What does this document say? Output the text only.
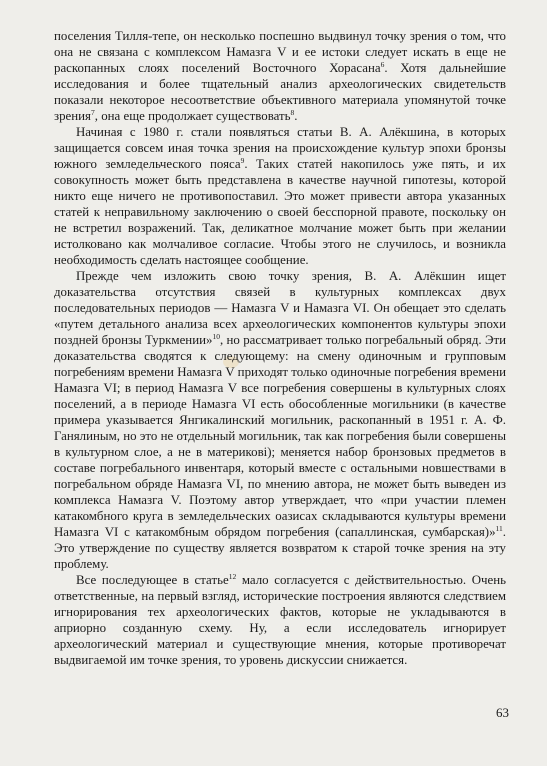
поселения Тилля-тепе, он несколько поспешно выдвинул точку зрения о том, что она не связана с комплексом Намазга V и ее истоки следует искать в еще не раскопанных слоях поселений Восточного Хорасана$^6$. Хотя дальнейшие исследования и более тщательный анализ археологических свидетельств показали некоторое несоответствие объективного материала упомянутой точке зрения$^7$, она еще продолжает существовать$^8$.

Начиная с 1980 г. стали появляться статьи В. А. Алёкшина, в которых защищается совсем иная точка зрения на происхождение культур эпохи бронзы южного земледельческого пояса$^9$. Таких статей накопилось уже пять, и их совокупность может быть представлена в качестве научной гипотезы, которой никто еще ничего не противопоставил. Это может привести автора указанных статей к неправильному заключению о своей бесспорной правоте, поскольку он не встретил возражений. Так, деликатное молчание может быть при желании истолковано как молчаливое согласие. Чтобы этого не случилось, и возникла необходимость сделать настоящее сообщение.

Прежде чем изложить свою точку зрения, В. А. Алёкшин ищет доказательства отсутствия связей в культурных комплексах двух последовательных периодов — Намазга V и Намазга VI. Он обещает это сделать «путем детального анализа всех археологических компонентов культуры эпохи поздней бронзы Туркмении»$^{10}$, но рассматривает только погребальный обряд. Эти доказательства сводятся к следующему: на смену одиночным и групповым погребениям времени Намазга V приходят только одиночные погребения времени Намазга VI; в период Намазга V все погребения совершены в культурных слоях поселений, а в периоде Намазга VI есть обособленные могильники (в качестве примера указывается Янгикалинский могильник, раскопанный в 1951 г. А. Ф. Ганялиным, но это не отдельный могильник, так как погребения были совершены в культурном слое, а не в материкові); меняется набор бронзовых предметов в составе погребального инвентаря, который вместе с остальными новшествами в погребальном обряде Намазга VI, по мнению автора, не может быть выведен из комплекса Намазга V. Поэтому автор утверждает, что «при участии племен катакомбного круга в земледельческих оазисах складываются культуры времени Намазга VI с катакомбным обрядом погребения (сапаллинская, сумбарская)»$^{11}$. Это утверждение по существу является возвратом к старой точке зрения на эту проблему.

Все последующее в статье$^{12}$ мало согласуется с действительностью. Очень ответственные, на первый взгляд, исторические построения являются следствием игнорирования тех археологических фактов, которые не укладываются в априорно созданную схему. Ну, а если исследователь игнорирует археологический материал и существующие мнения, которые противоречат выдвигаемой им точке зрения, то уровень дискуссии снижается.

63
